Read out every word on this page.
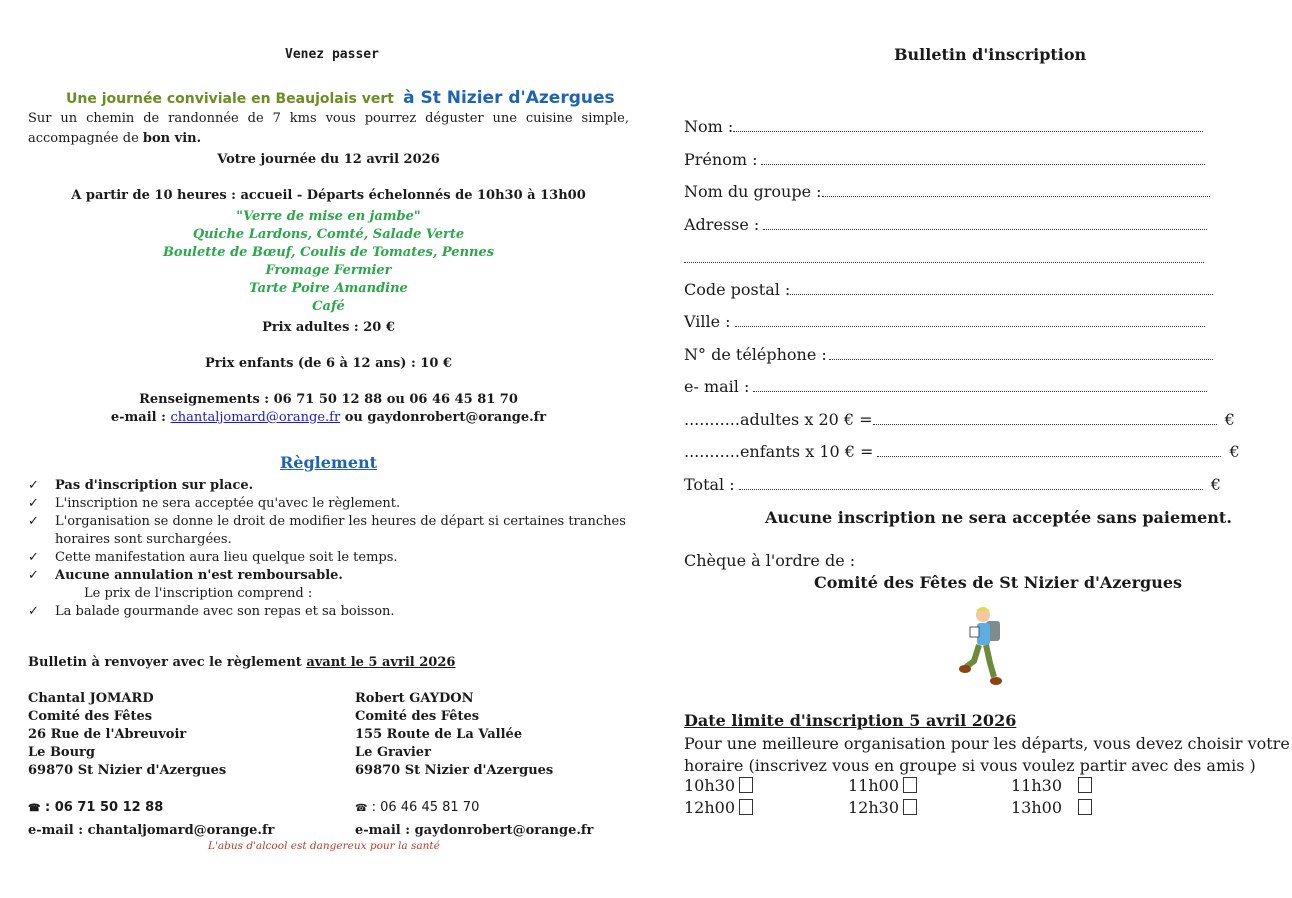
Venez passer
Une journée conviviale en Beaujolais vert à St Nizier d'Azergues
Sur un chemin de randonnée de 7 kms vous pourrez déguster une cuisine simple,
accompagnée de bon vin.
Votre journée du 12 avril 2026
A partir de 10 heures : accueil - Départs échelonnés de 10h30 à 13h00
"Verre de mise en jambe"
Quiche Lardons, Comté, Salade Verte
Boulette de Bœuf, Coulis de Tomates, Pennes
Fromage Fermier
Tarte Poire Amandine
Café
Prix adultes : 20 €
Prix enfants (de 6 à 12 ans) : 10 €
Renseignements : 06 71 50 12 88 ou 06 46 45 81 70
e-mail : chantaljomard@orange.fr ou gaydonrobert@orange.fr
Règlement
✓ Pas d'inscription sur place.
✓ L'inscription ne sera acceptée qu'avec le règlement.
✓ L'organisation se donne le droit de modifier les heures de départ si certaines tranches
horaires sont surchargées.
✓ Cette manifestation aura lieu quelque soit le temps.
✓ Aucune annulation n'est remboursable.
Le prix de l'inscription comprend :
✓ La balade gourmande avec son repas et sa boisson.
Bulletin à renvoyer avec le règlement avant le 5 avril 2026
Chantal JOMARD
Comité des Fêtes
26 Rue de l'Abreuvoir
Le Bourg
69870 St Nizier d'Azergues
☎ : 06 71 50 12 88
e-mail : chantaljomard@orange.fr
Robert GAYDON
Comité des Fêtes
155 Route de La Vallée
Le Gravier
69870 St Nizier d'Azergues
☎ : 06 46 45 81 70
e-mail : gaydonrobert@orange.fr
L'abus d'alcool est dangereux pour la santé
Bulletin d'inscription
Nom :
Prénom :
Nom du groupe :
Adresse :
Code postal :
Ville :
N° de téléphone :
e- mail :
...........adultes x 20 € =	€
...........enfants x 10 € =	€
Total :	€
Aucune inscription ne sera acceptée sans paiement.
Chèque à l'ordre de :
Comité des Fêtes de St Nizier d'Azergues
Date limite d'inscription 5 avril 2026
Pour une meilleure organisation pour les départs, vous devez choisir votre
horaire (inscrivez vous en groupe si vous voulez partir avec des amis )
10h30	11h00	11h30
12h00	12h30	13h00
